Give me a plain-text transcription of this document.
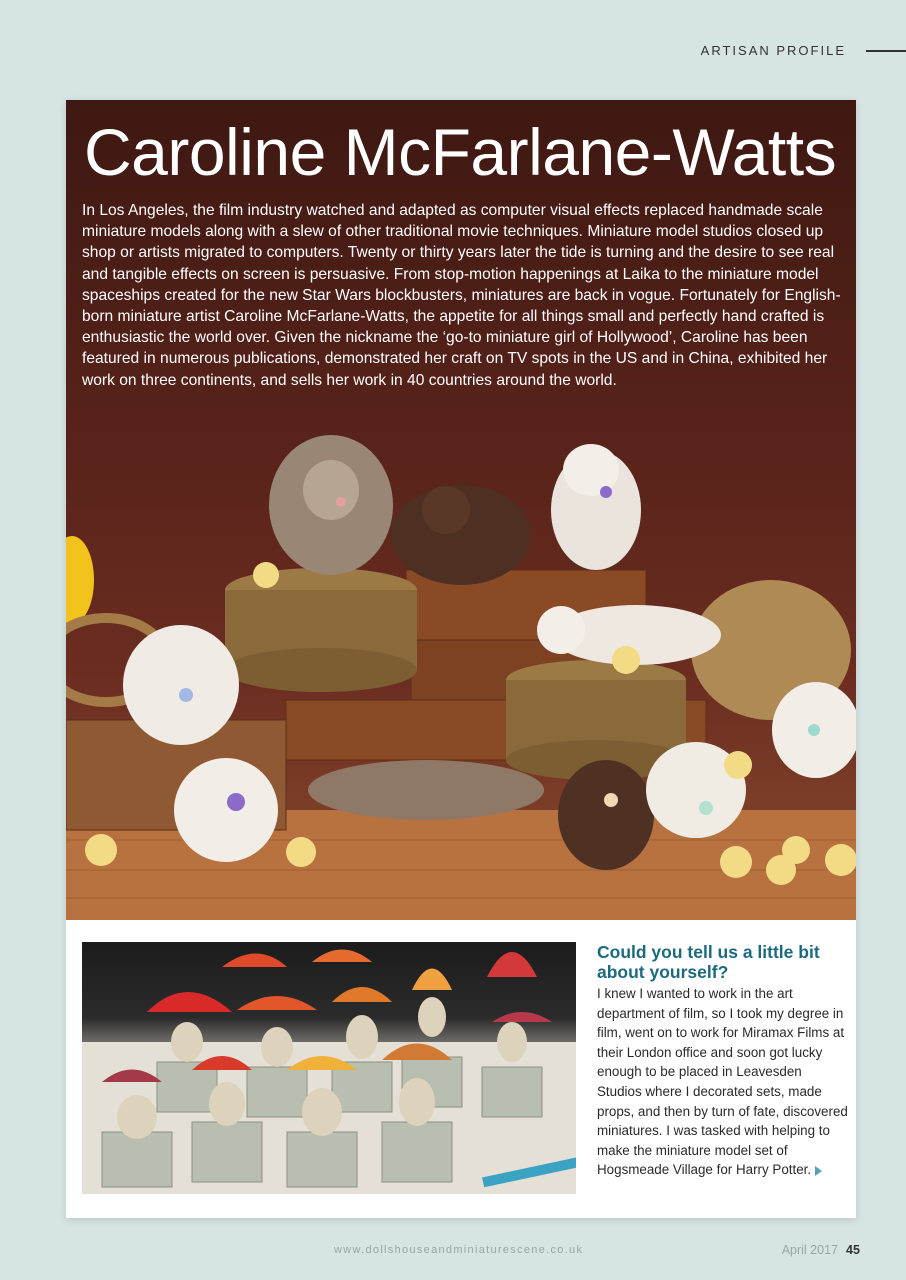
ARTISAN PROFILE
Caroline McFarlane-Watts
In Los Angeles, the film industry watched and adapted as computer visual effects replaced handmade scale miniature models along with a slew of other traditional movie techniques. Miniature model studios closed up shop or artists migrated to computers. Twenty or thirty years later the tide is turning and the desire to see real and tangible effects on screen is persuasive. From stop-motion happenings at Laika to the miniature model spaceships created for the new Star Wars blockbusters, miniatures are back in vogue. Fortunately for English-born miniature artist Caroline McFarlane-Watts, the appetite for all things small and perfectly hand crafted is enthusiastic the world over. Given the nickname the ‘go-to miniature girl of Hollywood’, Caroline has been featured in numerous publications, demonstrated her craft on TV spots in the US and in China, exhibited her work on three continents, and sells her work in 40 countries around the world.
Could you tell us a little bit about yourself?
I knew I wanted to work in the art department of film, so I took my degree in film, went on to work for Miramax Films at their London office and soon got lucky enough to be placed in Leavesden Studios where I decorated sets, made props, and then by turn of fate, discovered miniatures. I was tasked with helping to make the miniature model set of Hogsmeade Village for Harry Potter.
www.dollshouseandminiaturescene.co.uk	April 2017 45
